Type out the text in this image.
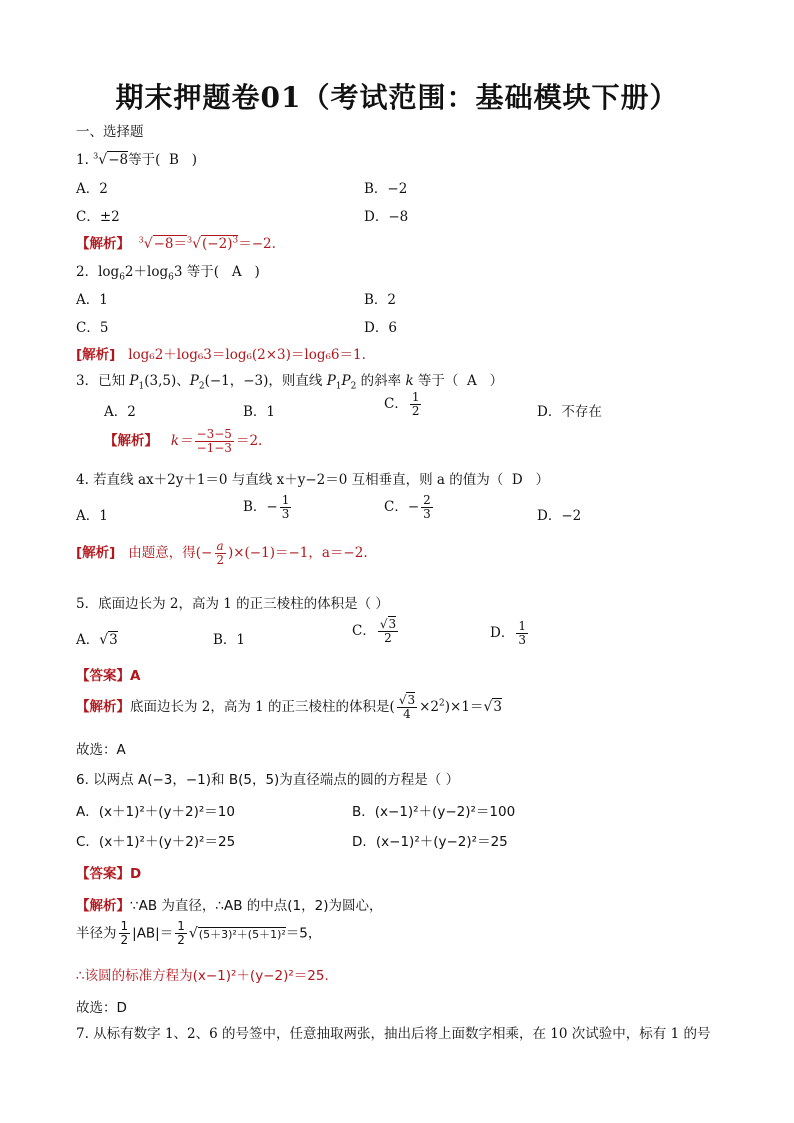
期末押题卷01（考试范围：基础模块下册）
一、选择题
1. $^3$√−8等于( B )
A．2	B．−2
C．±2	D．−8
【解析】 $^3√-8=^3√(-2)^3=-2$.
2．$\log_62+\log_63$ 等于( A )
A．1	B．2
C．5	D．6
[解析] log₆2＋log₆3＝log₆(2×3)＝log₆6＝1.
3．已知 $P_1(3,5)$、$P_2(-1$，−3)，则直线 $P_1P_2$ 的斜率 k 等于（ A ）
A．2	B．1	C． $\frac{1}{2}$	D．不存在
【解析】 $k= \frac{-3-5}{-1-3} =2$.
4. 若直线 ax＋2y＋1＝0 与直线 x＋y−2＝0 互相垂直，则 a 的值为（ D ）
A．1
B．− $\frac{1}{3}$	C．− $\frac{2}{3}$	D．−2
[解析] 由题意，得(− $\frac{a}{2} )\times(-1)=-1$，a＝−2.
5．底面边长为 2，高为 1 的正三棱柱的体积是（ ）
A．√3	B．1
C． $\frac{√3}{2}$	D． $\frac{1}{3}$
【答案】A
【解析】底面边长为 2，高为 1 的正三棱柱的体积是( $\frac{√3}{4} \times 2^2)\times 1=√3$
故选：A
6. 以两点 A(−3，−1)和 B(5，5)为直径端点的圆的方程是（ ）
A．(x＋1)²＋(y＋2)²＝10	B．(x−1)²＋(y−2)²＝100
C．(x＋1)²＋(y＋2)²＝25	D．(x−1)²＋(y−2)²＝25
【答案】D
【解析】∵AB 为直径，∴AB 的中点(1，2)为圆心，
半径为 $\frac{1}{2} |AB|= \frac{1}{2} √(5+3)^2+(5+1)^2=5$，
∴该圆的标准方程为(x−1)²＋(y−2)²＝25.
故选：D
7. 从标有数字 1、2、6 的号签中，任意抽取两张，抽出后将上面数字相乘，在 10 次试验中，标有 1 的号
